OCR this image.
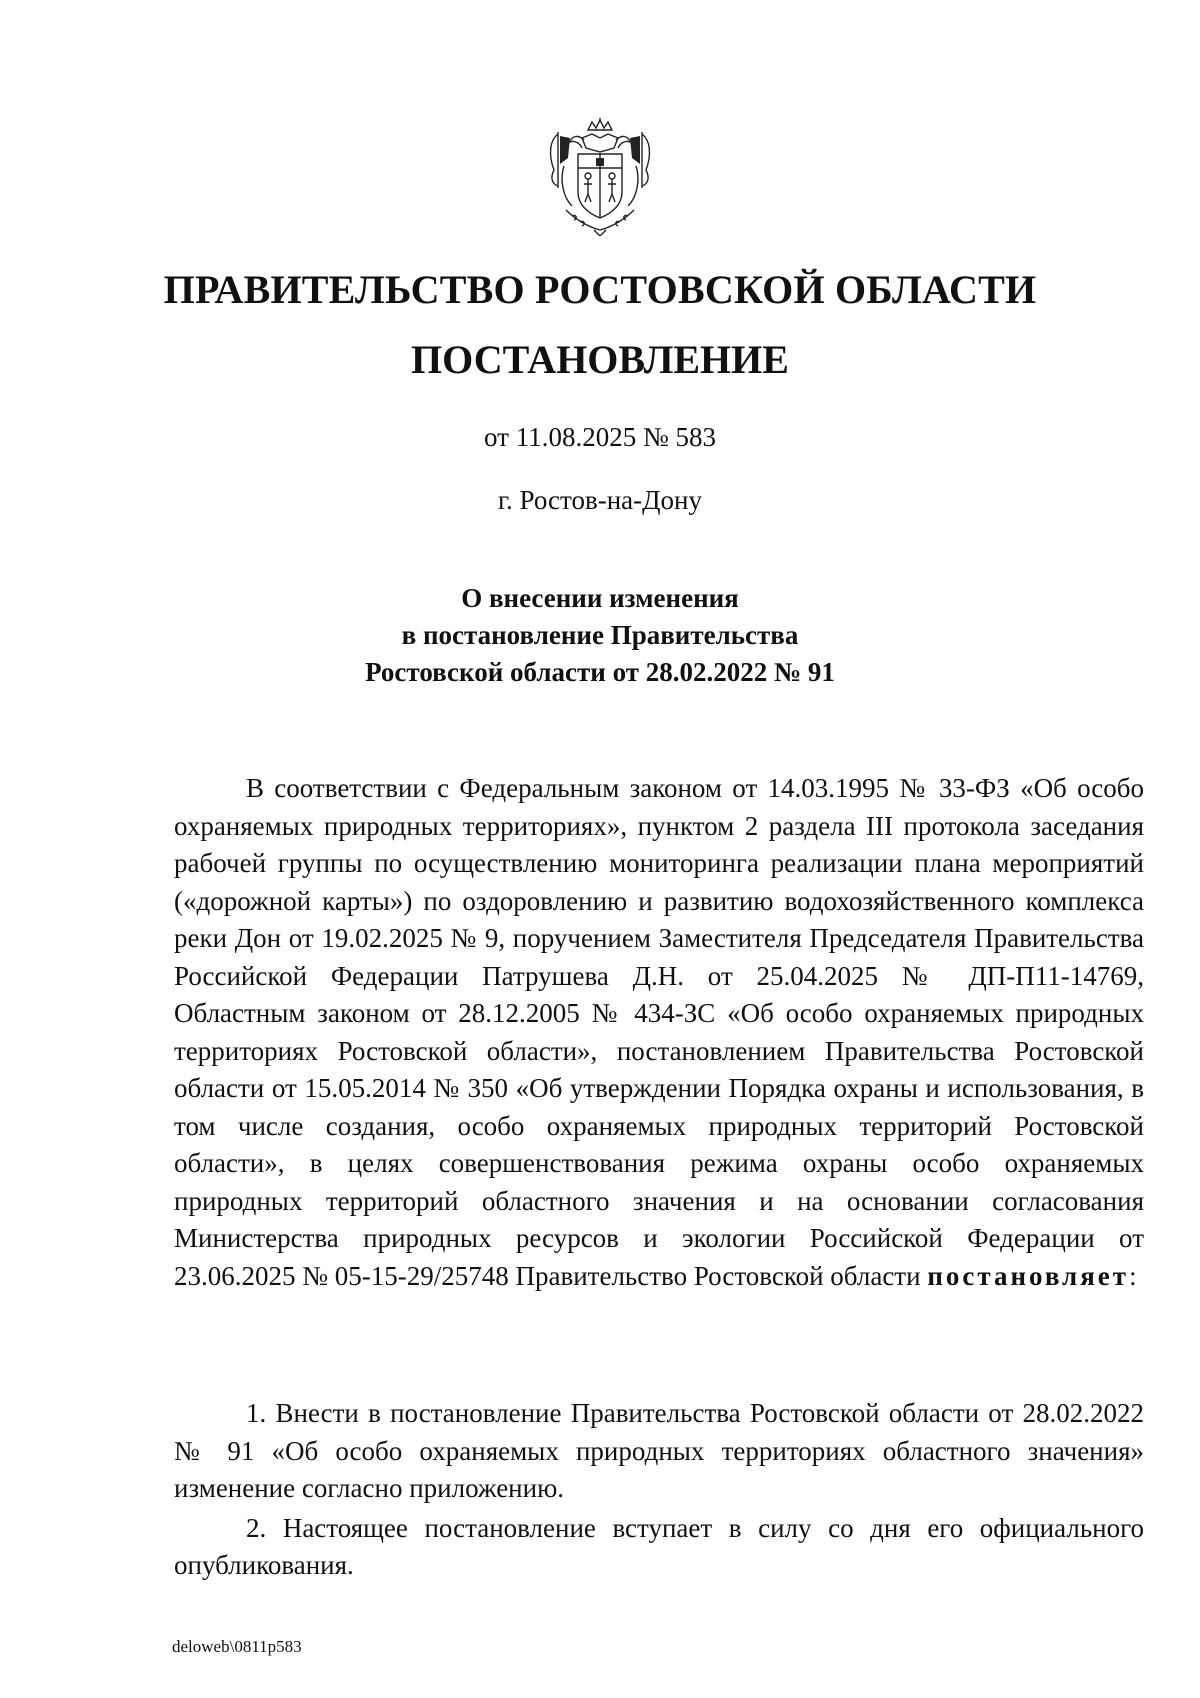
ПРАВИТЕЛЬСТВО РОСТОВСКОЙ ОБЛАСТИ
ПОСТАНОВЛЕНИЕ
от 11.08.2025 № 583
г. Ростов-на-Дону
О внесении изменения
в постановление Правительства
Ростовской области от 28.02.2022 № 91

В соответствии с Федеральным законом от 14.03.1995 № 33-ФЗ «Об особо охраняемых природных территориях», пунктом 2 раздела III протокола заседания рабочей группы по осуществлению мониторинга реализации плана мероприятий («дорожной карты») по оздоровлению и развитию водохозяйственного комплекса реки Дон от 19.02.2025 № 9, поручением Заместителя Председателя Правительства Российской Федерации Патрушева Д.Н. от 25.04.2025 № ДП-П11-14769, Областным законом от 28.12.2005 № 434-ЗС «Об особо охраняемых природных территориях Ростовской области», постановлением Правительства Ростовской области от 15.05.2014 № 350 «Об утверждении Порядка охраны и использования, в том числе создания, особо охраняемых природных территорий Ростовской области», в целях совершенствования режима охраны особо охраняемых природных территорий областного значения и на основании согласования Министерства природных ресурсов и экологии Российской Федерации от 23.06.2025 № 05-15-29/25748 Правительство Ростовской области постановляет:

1. Внести в постановление Правительства Ростовской области от 28.02.2022 № 91 «Об особо охраняемых природных территориях областного значения» изменение согласно приложению.

2. Настоящее постановление вступает в силу со дня его официального опубликования.

deloweb\0811p583
